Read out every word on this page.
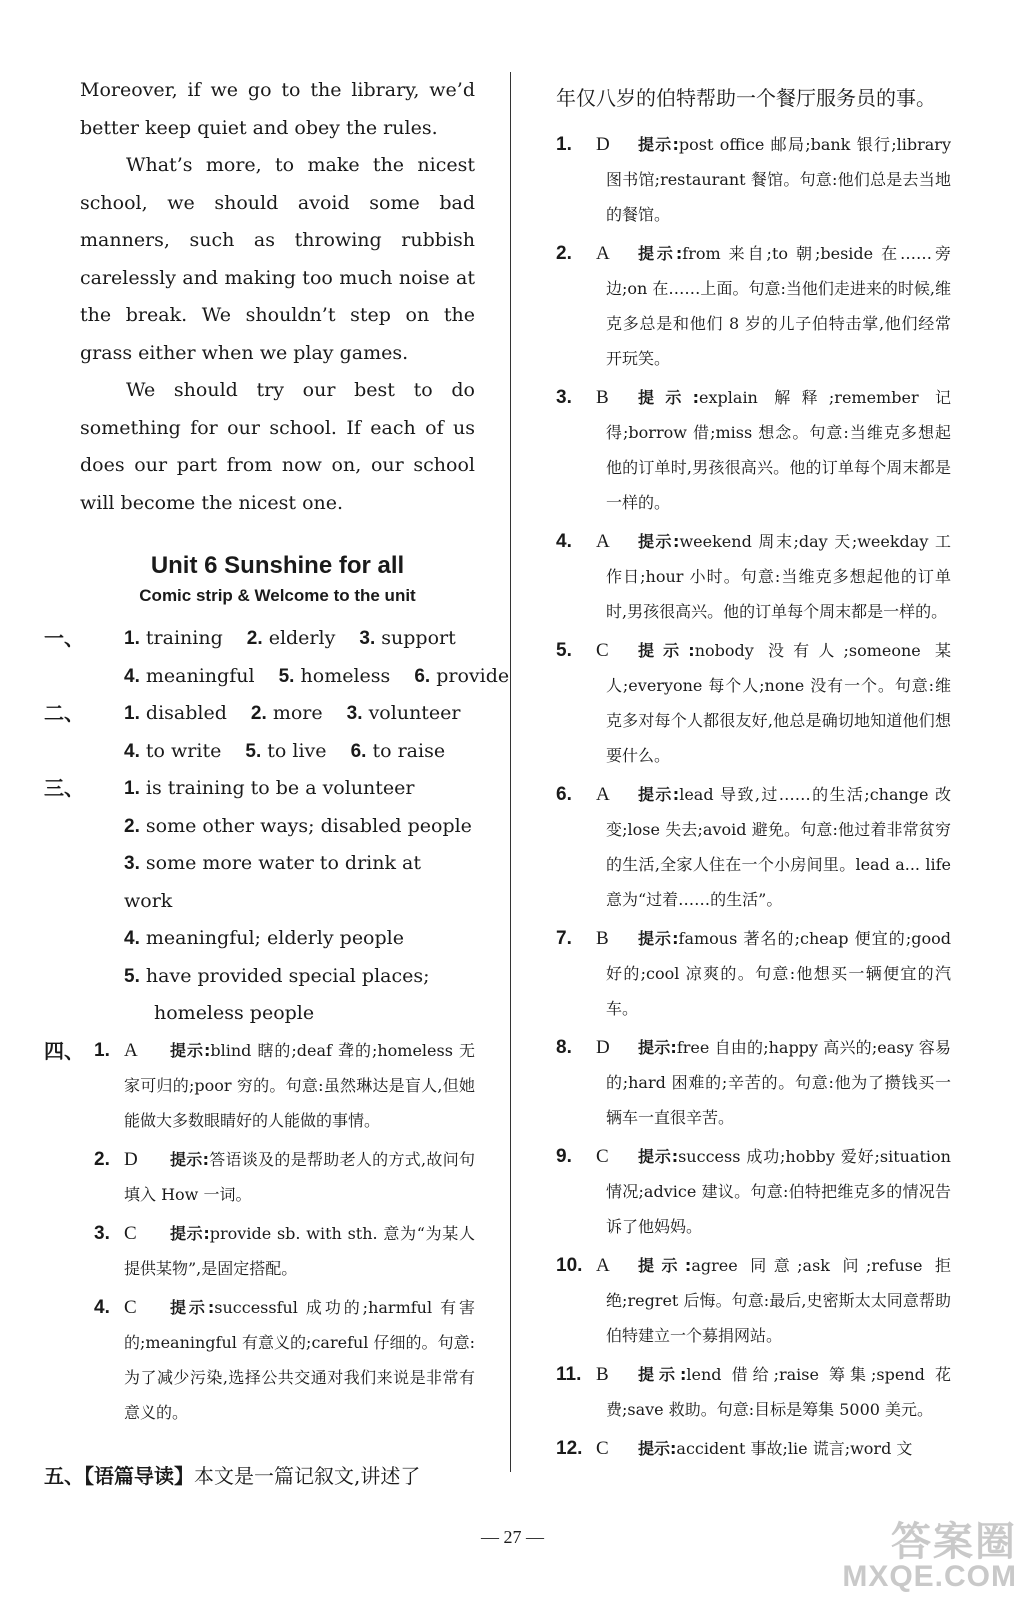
Moreover, if we go to the library, we’d better keep quiet and obey the rules.

What’s more, to make the nicest school, we should avoid some bad manners, such as throwing rubbish carelessly and making too much noise at the break. We shouldn’t step on the grass either when we play games.

We should try our best to do something for our school. If each of us does our part from now on, our school will become the nicest one.

Unit 6 Sunshine for all
Comic strip & Welcome to the unit
一、 1. training 2. elderly 3. support
4. meaningful 5. homeless 6. provide
二、 1. disabled 2. more 3. volunteer
4. to write 5. to live 6. to raise
三、 1. is training to be a volunteer
2. some other ways; disabled people
3. some more water to drink at work
4. meaningful; elderly people
5. have provided special places; homeless people
四、 1. A	提示:blind 瞎的;deaf 聋的;homeless 无家可归的;poor 穷的。句意:虽然琳达是盲人,但她能做大多数眼睛好的人能做的事情。
2. D	提示:答语谈及的是帮助老人的方式,故问句填入 How 一词。
3. C	提示:provide sb. with sth. 意为“为某人提供某物”,是固定搭配。
4. C	提示:successful 成功的;harmful 有害的;meaningful 有意义的;careful 仔细的。句意:为了减少污染,选择公共交通对我们来说是非常有意义的。
五、【语篇导读】本文是一篇记叙文,讲述了

年仅八岁的伯特帮助一个餐厅服务员的事。

1. D	提示:post office 邮局;bank 银行;library 图书馆;restaurant 餐馆。句意:他们总是去当地的餐馆。
2. A	提示:from 来自;to 朝;beside 在……旁边;on 在……上面。句意:当他们走进来的时候,维克多总是和他们 8 岁的儿子伯特击掌,他们经常开玩笑。
3. B	提示:explain 解释;remember 记得;borrow 借;miss 想念。句意:当维克多想起他的订单时,男孩很高兴。他的订单每个周末都是一样的。
4. A	提示:weekend 周末;day 天;weekday 工作日;hour 小时。句意:当维克多想起他的订单时,男孩很高兴。他的订单每个周末都是一样的。
5. C	提示:nobody 没有人;someone 某人;everyone 每个人;none 没有一个。句意:维克多对每个人都很友好,他总是确切地知道他们想要什么。
6. A	提示:lead 导致,过……的生活;change 改变;lose 失去;avoid 避免。句意:他过着非常贫穷的生活,全家人住在一个小房间里。lead a... life 意为“过着……的生活”。
7. B	提示:famous 著名的;cheap 便宜的;good 好的;cool 凉爽的。句意:他想买一辆便宜的汽车。
8. D	提示:free 自由的;happy 高兴的;easy 容易的;hard 困难的;辛苦的。句意:他为了攒钱买一辆车一直很辛苦。
9. C	提示:success 成功;hobby 爱好;situation 情况;advice 建议。句意:伯特把维克多的情况告诉了他妈妈。
10. A	提示:agree 同意;ask 问;refuse 拒绝;regret 后悔。句意:最后,史密斯太太同意帮助伯特建立一个募捐网站。
11. B	提示:lend 借给;raise 筹集;spend 花费;save 救助。句意:目标是筹集 5000 美元。
12. C	提示:accident 事故;lie 谎言;word 文
— 27 —	答案圈
MXQE.COM
